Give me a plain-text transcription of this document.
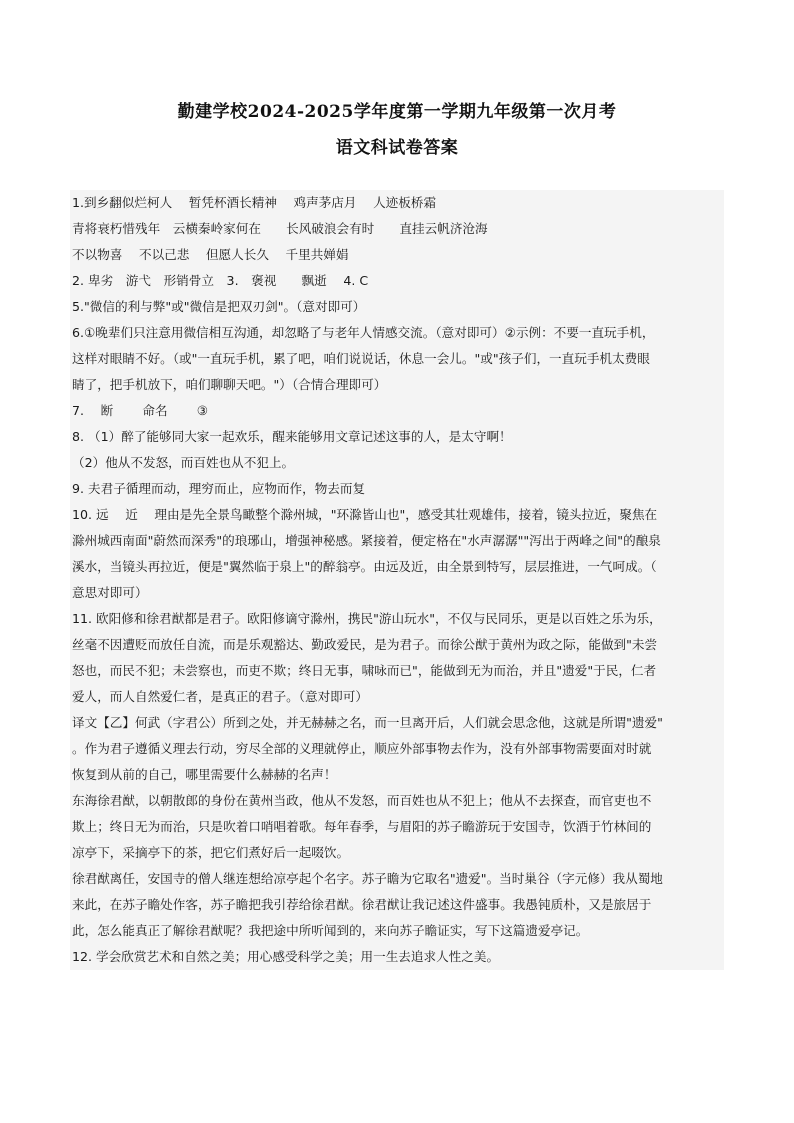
勤建学校2024-2025学年度第一学期九年级第一次月考
语文科试卷答案
1.到乡翻似烂柯人　 暂凭杯酒长精神　 鸡声茅店月　 人迹板桥霜
青将衰朽惜残年　云横秦岭家何在　　长风破浪会有时　　直挂云帆济沧海
不以物喜　 不以己悲　 但愿人长久　 千里共婵娟
2. 卑劣　游弋　形销骨立　3.　褒视　　飘逝　 4. C
5."微信的利与弊"或"微信是把双刃剑"。（意对即可）
6.①晚辈们只注意用微信相互沟通，却忽略了与老年人情感交流。（意对即可）②示例：不要一直玩手机，
这样对眼睛不好。（或"一直玩手机，累了吧，咱们说说话，休息一会儿。"或"孩子们，一直玩手机太费眼
睛了，把手机放下，咱们聊聊天吧。"）（合情合理即可）
7.　 断　　 命名　　 ③
8. （1）醉了能够同大家一起欢乐，醒来能够用文章记述这事的人，是太守啊！
（2）他从不发怒，而百姓也从不犯上。
9. 夫君子循理而动，理穷而止，应物而作，物去而复
10. 远　 近　 理由是先全景鸟瞰整个滁州城，"环滁皆山也"，感受其壮观雄伟，接着，镜头拉近，聚焦在
滁州城西南面"蔚然而深秀"的琅琊山，增强神秘感。紧接着，便定格在"水声潺潺""泻出于两峰之间"的酿泉
溪水，当镜头再拉近，便是"翼然临于泉上"的醉翁亭。由远及近，由全景到特写，层层推进，一气呵成。（
意思对即可）
11. 欧阳修和徐君猷都是君子。欧阳修谪守滁州，携民"游山玩水"，不仅与民同乐，更是以百姓之乐为乐，
丝毫不因遭贬而放任自流，而是乐观豁达、勤政爱民，是为君子。而徐公猷于黄州为政之际，能做到"未尝
怒也，而民不犯；未尝察也，而吏不欺；终日无事，啸咏而已"，能做到无为而治，并且"遗爱"于民，仁者
爱人，而人自然爱仁者，是真正的君子。（意对即可）
译文【乙】何武（字君公）所到之处，并无赫赫之名，而一旦离开后，人们就会思念他，这就是所谓"遗爱"
。作为君子遵循义理去行动，穷尽全部的义理就停止，顺应外部事物去作为，没有外部事物需要面对时就
恢复到从前的自己，哪里需要什么赫赫的名声！
东海徐君猷，以朝散郎的身份在黄州当政，他从不发怒，而百姓也从不犯上；他从不去探查，而官吏也不
欺上；终日无为而治，只是吹着口哨唱着歌。每年春季，与眉阳的苏子瞻游玩于安国寺，饮酒于竹林间的
凉亭下，采摘亭下的茶，把它们煮好后一起啜饮。
徐君猷离任，安国寺的僧人继连想给凉亭起个名字。苏子瞻为它取名"遗爱"。当时巢谷（字元修）我从蜀地
来此，在苏子瞻处作客，苏子瞻把我引荐给徐君猷。徐君猷让我记述这件盛事。我愚钝质朴，又是旅居于
此，怎么能真正了解徐君猷呢？我把途中所听闻到的，来向苏子瞻证实，写下这篇遗爱亭记。
12. 学会欣赏艺术和自然之美；用心感受科学之美；用一生去追求人性之美。
